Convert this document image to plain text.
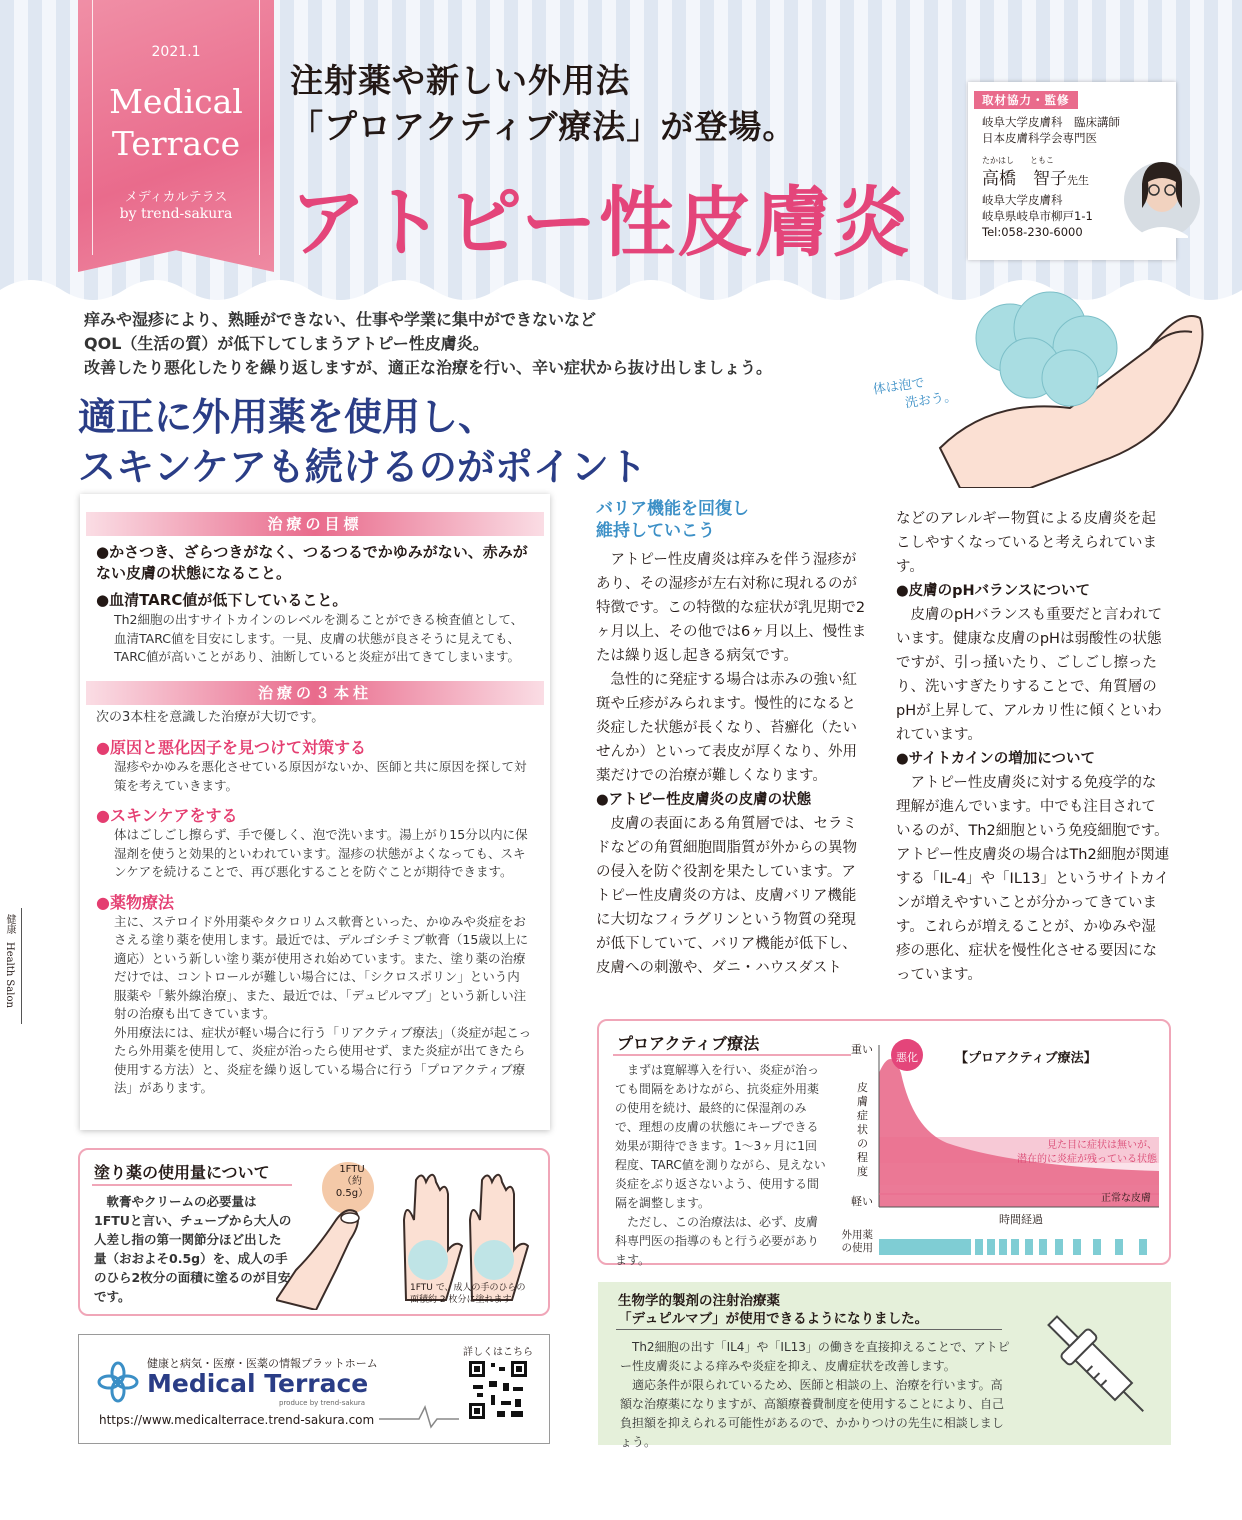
2021.1
Medical
Terrace
メディカルテラス
by trend-sakura
注射薬や新しい外用法
「プロアクティブ療法」が登場。
アトピー性皮膚炎
取材協力・監修
岐阜大学皮膚科　臨床講師
日本皮膚科学会専門医
たかはし　　ともこ
高橋　智子先生
岐阜大学皮膚科
岐阜県岐阜市柳戸1-1
Tel:058-230-6000
痒みや湿疹により、熟睡ができない、仕事や学業に集中ができないなど
QOL（生活の質）が低下してしまうアトピー性皮膚炎。
改善したり悪化したりを繰り返しますが、適正な治療を行い、辛い症状から抜け出しましょう。
体は泡で
洗おう。
適正に外用薬を使用し、
スキンケアも続けるのがポイント
治療の目標
●かさつき、ざらつきがなく、つるつるでかゆみがない、赤みがない皮膚の状態になること。
●血清TARC値が低下していること。
Th2細胞の出すサイトカインのレベルを測ることができる検査値として、血清TARC値を目安にします。一見、皮膚の状態が良さそうに見えても、TARC値が高いことがあり、油断していると炎症が出てきてしまいます。
治療の３本柱
次の3本柱を意識した治療が大切です。
●原因と悪化因子を見つけて対策する
湿疹やかゆみを悪化させている原因がないか、医師と共に原因を探して対策を考えていきます。
●スキンケアをする
体はごしごし擦らず、手で優しく、泡で洗います。湯上がり15分以内に保湿剤を使うと効果的といわれています。湿疹の状態がよくなっても、スキンケアを続けることで、再び悪化することを防ぐことが期待できます。
●薬物療法
主に、ステロイド外用薬やタクロリムス軟膏といった、かゆみや炎症をおさえる塗り薬を使用します。最近では、デルゴシチミブ軟膏（15歳以上に適応）という新しい塗り薬が使用され始めています。また、塗り薬の治療だけでは、コントロールが難しい場合には、「シクロスポリン」という内服薬や「紫外線治療」、また、最近では、「デュピルマブ」という新しい注射の治療も出てきています。
外用療法には、症状が軽い場合に行う「リアクティブ療法」（炎症が起こったら外用薬を使用して、炎症が治ったら使用せず、また炎症が出てきたら使用する方法）と、炎症を繰り返している場合に行う「プロアクティブ療法」があります。
バリア機能を回復し
維持していこう

アトピー性皮膚炎は痒みを伴う湿疹があり、その湿疹が左右対称に現れるのが特徴です。この特徴的な症状が乳児期で2ヶ月以上、その他では6ヶ月以上、慢性または繰り返し起きる病気です。

急性的に発症する場合は赤みの強い紅斑や丘疹がみられます。慢性的になると炎症した状態が長くなり、苔癬化（たいせんか）といって表皮が厚くなり、外用薬だけでの治療が難しくなります。

●アトピー性皮膚炎の皮膚の状態

皮膚の表面にある角質層では、セラミドなどの角質細胞間脂質が外からの異物の侵入を防ぐ役割を果たしています。アトピー性皮膚炎の方は、皮膚バリア機能に大切なフィラグリンという物質の発現が低下していて、バリア機能が低下し、皮膚への刺激や、ダニ・ハウスダスト

などのアレルギー物質による皮膚炎を起こしやすくなっていると考えられています。

●皮膚のpHバランスについて

皮膚のpHバランスも重要だと言われています。健康な皮膚のpHは弱酸性の状態ですが、引っ掻いたり、ごしごし擦ったり、洗いすぎたりすることで、角質層のpHが上昇して、アルカリ性に傾くといわれています。

●サイトカインの増加について

アトピー性皮膚炎に対する免疫学的な理解が進んでいます。中でも注目されているのが、Th2細胞という免疫細胞です。アトピー性皮膚炎の場合はTh2細胞が関連する「IL-4」や「IL13」というサイトカインが増えやすいことが分かってきています。これらが増えることが、かゆみや湿疹の悪化、症状を慢性化させる要因になっています。

プロアクティブ療法
まずは寛解導入を行い、炎症が治っても間隔をあけながら、抗炎症外用薬の使用を続け、最終的に保湿剤のみで、理想の皮膚の状態にキープできる効果が期待できます。1～3ヶ月に1回程度、TARC値を測りながら、見えない炎症をぶり返さないよう、使用する間隔を調整します。
ただし、この治療法は、必ず、皮膚科専門医の指導のもと行う必要があります。
重い
軽い
皮膚症状の程度
悪化	【プロアクティブ療法】
見た目に症状は無いが、
潜在的に炎症が残っている状態
正常な皮膚
時間経過
外用薬
の使用
塗り薬の使用量について
軟膏やクリームの必要量は1FTUと言い、チューブから大人の人差し指の第一関節分ほど出した量（おおよそ0.5g）を、成人の手のひら2枚分の面積に塗るのが目安です。
1FTU
（約0.5g）
1FTU で、成人の手のひらの
面積約 2 枚分に塗れます
健康と病気・医療・医薬の情報プラットホーム
Medical Terrace
produce by trend-sakura
https://www.medicalterrace.trend-sakura.com
詳しくはこちら
生物学的製剤の注射治療薬
「デュピルマブ」が使用できるようになりました。
Th2細胞の出す「IL4」や「IL13」の働きを直接抑えることで、アトピー性皮膚炎による痒みや炎症を抑え、皮膚症状を改善します。
適応条件が限られているため、医師と相談の上、治療を行います。高額な治療薬になりますが、高額療養費制度を使用することにより、自己負担額を抑えられる可能性があるので、かかりつけの先生に相談しましょう。
健康
Health Salon
